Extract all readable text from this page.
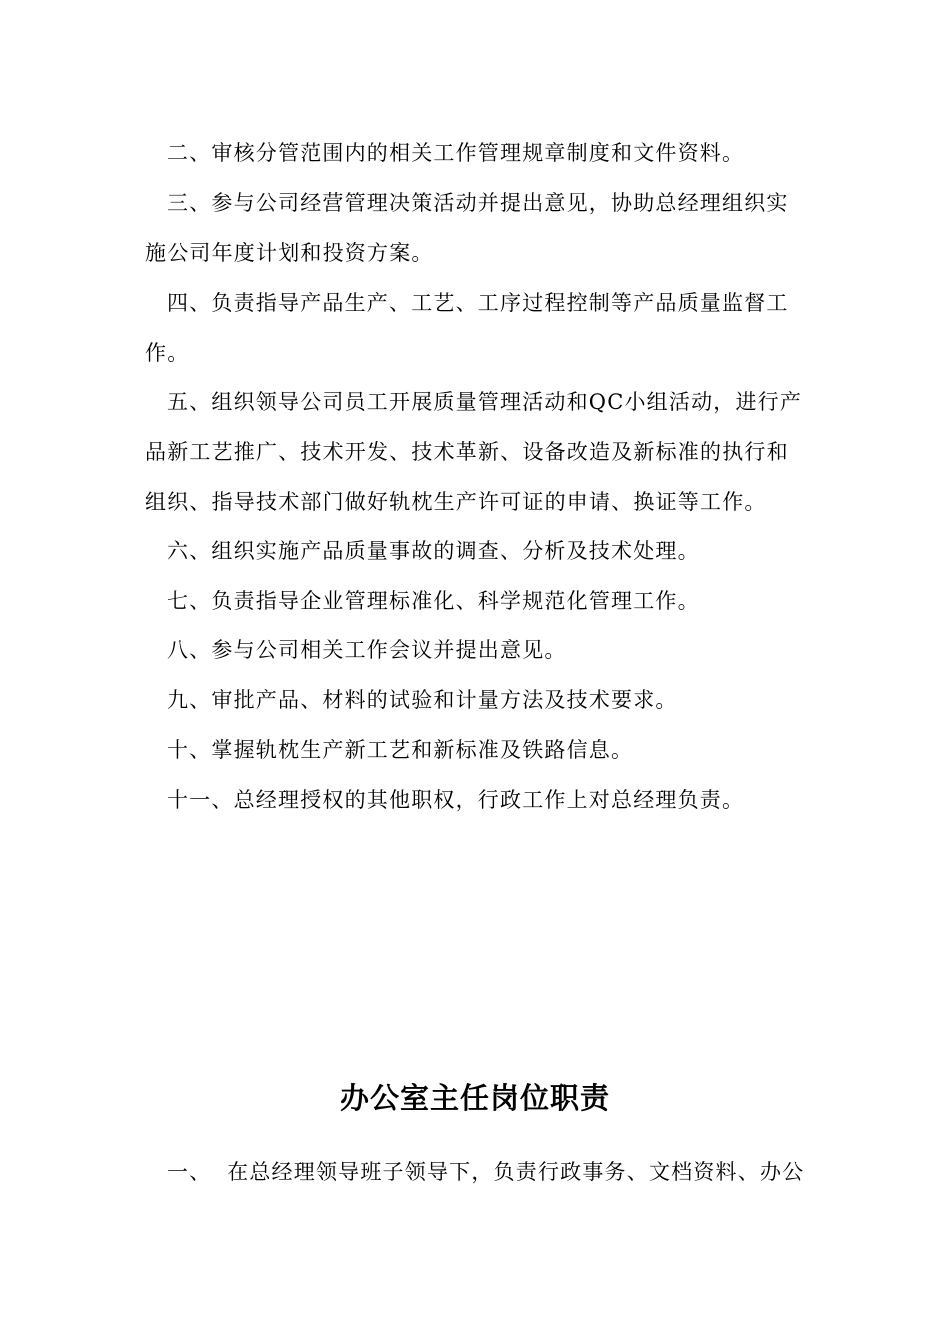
二、审核分管范围内的相关工作管理规章制度和文件资料。

三、参与公司经营管理决策活动并提出意见，协助总经理组织实
施公司年度计划和投资方案。

四、负责指导产品生产、工艺、工序过程控制等产品质量监督工
作。

五、组织领导公司员工开展质量管理活动和QC小组活动，进行产
品新工艺推广、技术开发、技术革新、设备改造及新标准的执行和
组织、指导技术部门做好轨枕生产许可证的申请、换证等工作。

六、组织实施产品质量事故的调查、分析及技术处理。

七、负责指导企业管理标准化、科学规范化管理工作。

八、参与公司相关工作会议并提出意见。

九、审批产品、材料的试验和计量方法及技术要求。

十、掌握轨枕生产新工艺和新标准及铁路信息。

十一、总经理授权的其他职权，行政工作上对总经理负责。

办公室主任岗位职责

一、  在总经理领导班子领导下，负责行政事务、文档资料、办公
